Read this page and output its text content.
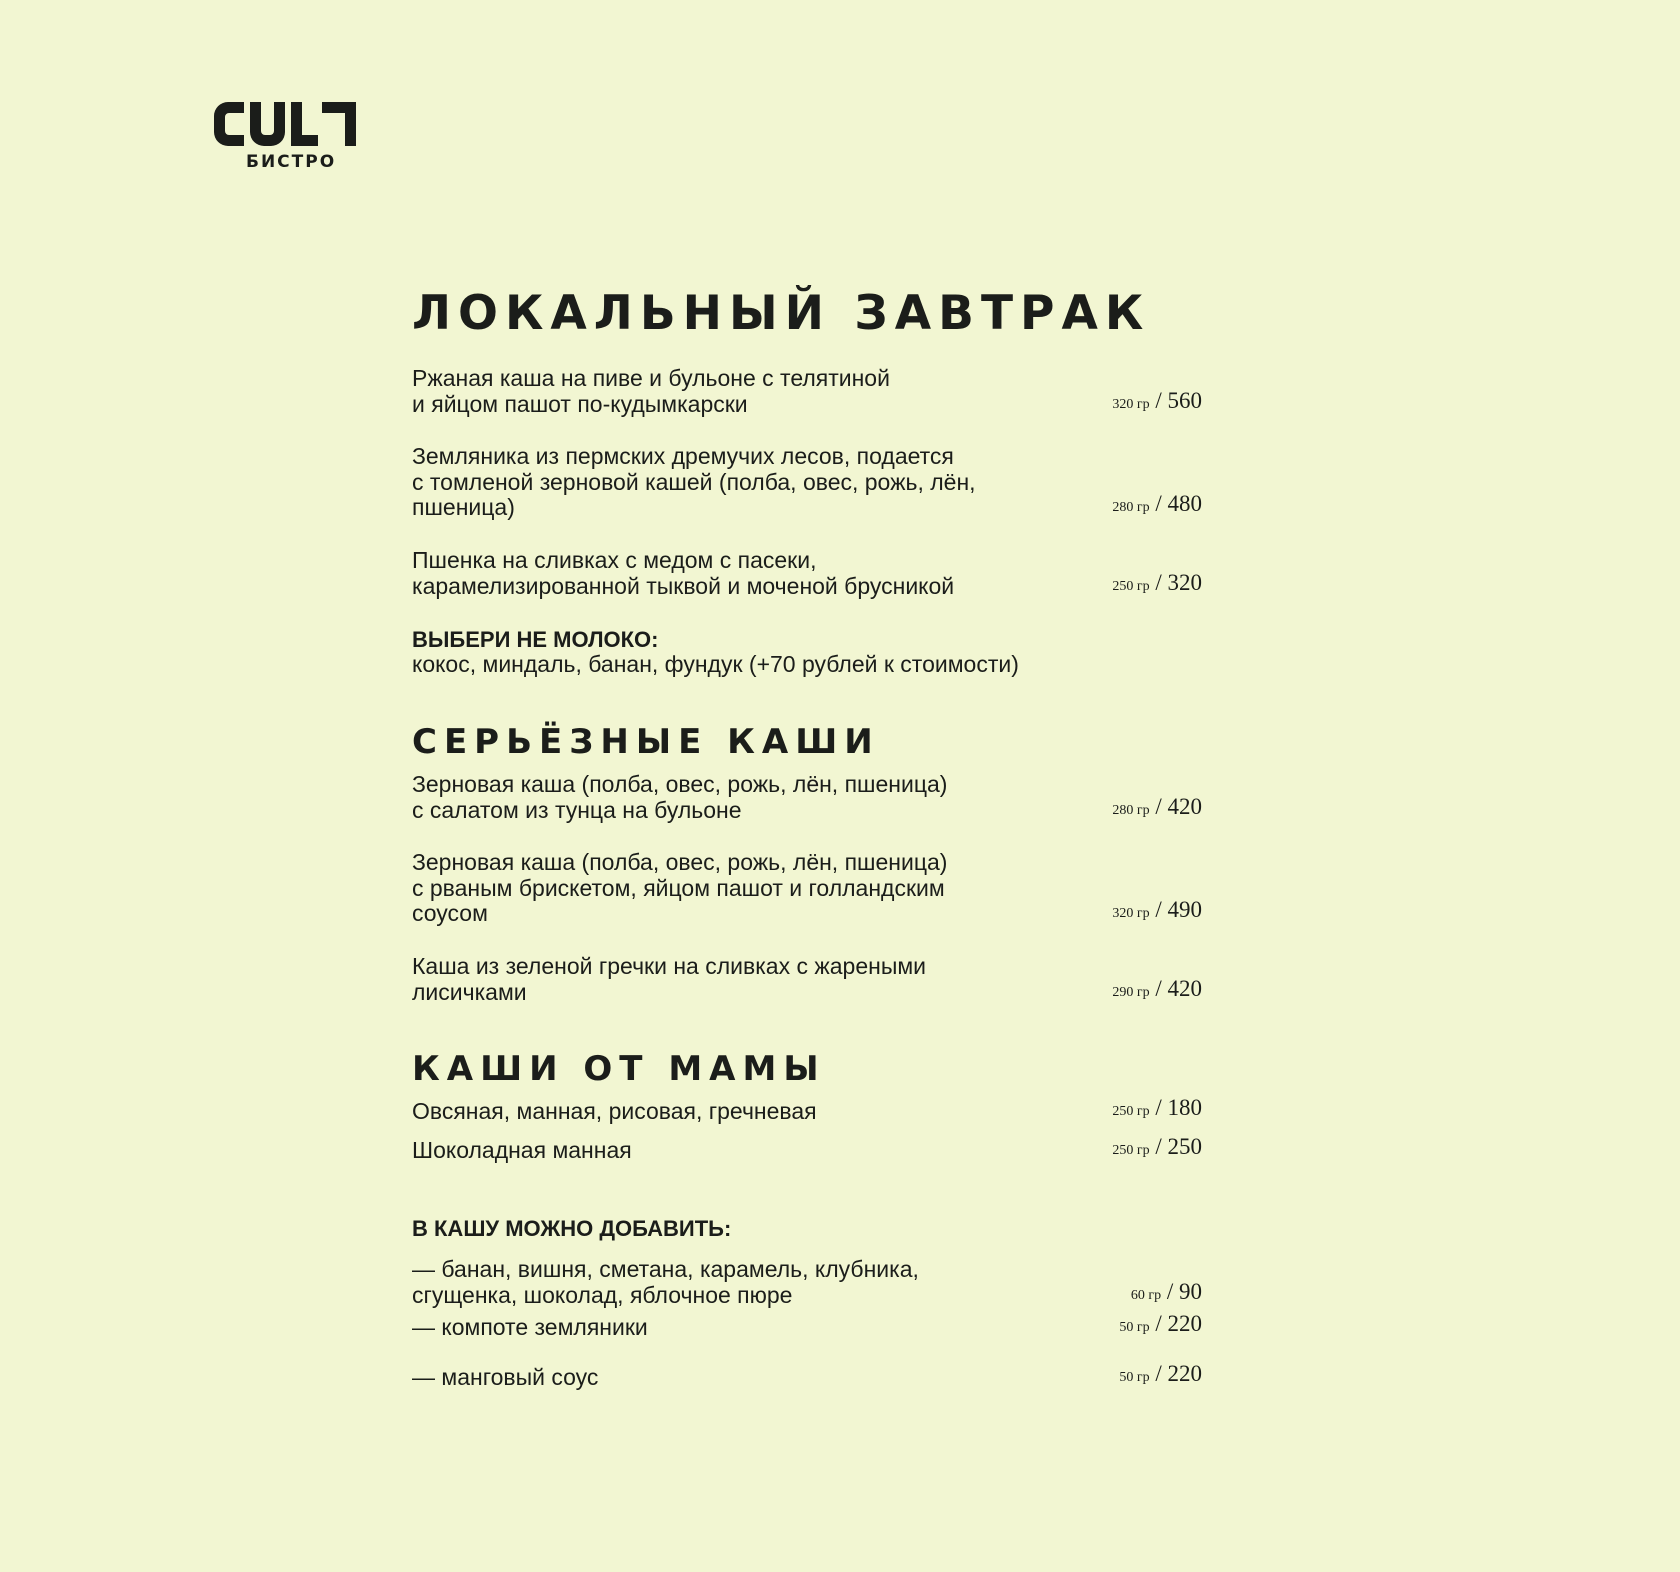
БИСТРО
ЛОКАЛЬНЫЙ ЗАВТРАК
Ржаная каша на пиве и бульоне с телятиной
и яйцом пашот по-кудымкарски	320 гр / 560
Земляника из пермских дремучих лесов, подается
с томленой зерновой кашей (полба, овес, рожь, лён,
пшеница)	280 гр / 480
Пшенка на сливках с медом с пасеки,
карамелизированной тыквой и моченой брусникой	250 гр / 320
ВЫБЕРИ НЕ МОЛОКО:
кокос, миндаль, банан, фундук (+70 рублей к стоимости)
СЕРЬЁЗНЫЕ КАШИ
Зерновая каша (полба, овес, рожь, лён, пшеница)
с салатом из тунца на бульоне	280 гр / 420
Зерновая каша (полба, овес, рожь, лён, пшеница)
с рваным брискетом, яйцом пашот и голландским
соусом	320 гр / 490
Каша из зеленой гречки на сливках с жареными
лисичками	290 гр / 420
КАШИ ОТ МАМЫ
Овсяная, манная, рисовая, гречневая	250 гр / 180
Шоколадная манная	250 гр / 250
В КАШУ МОЖНО ДОБАВИТЬ:
— банан, вишня, сметана, карамель, клубника,
сгущенка, шоколад, яблочное пюре	60 гр / 90
— компоте земляники	50 гр / 220
— манговый соус	50 гр / 220
